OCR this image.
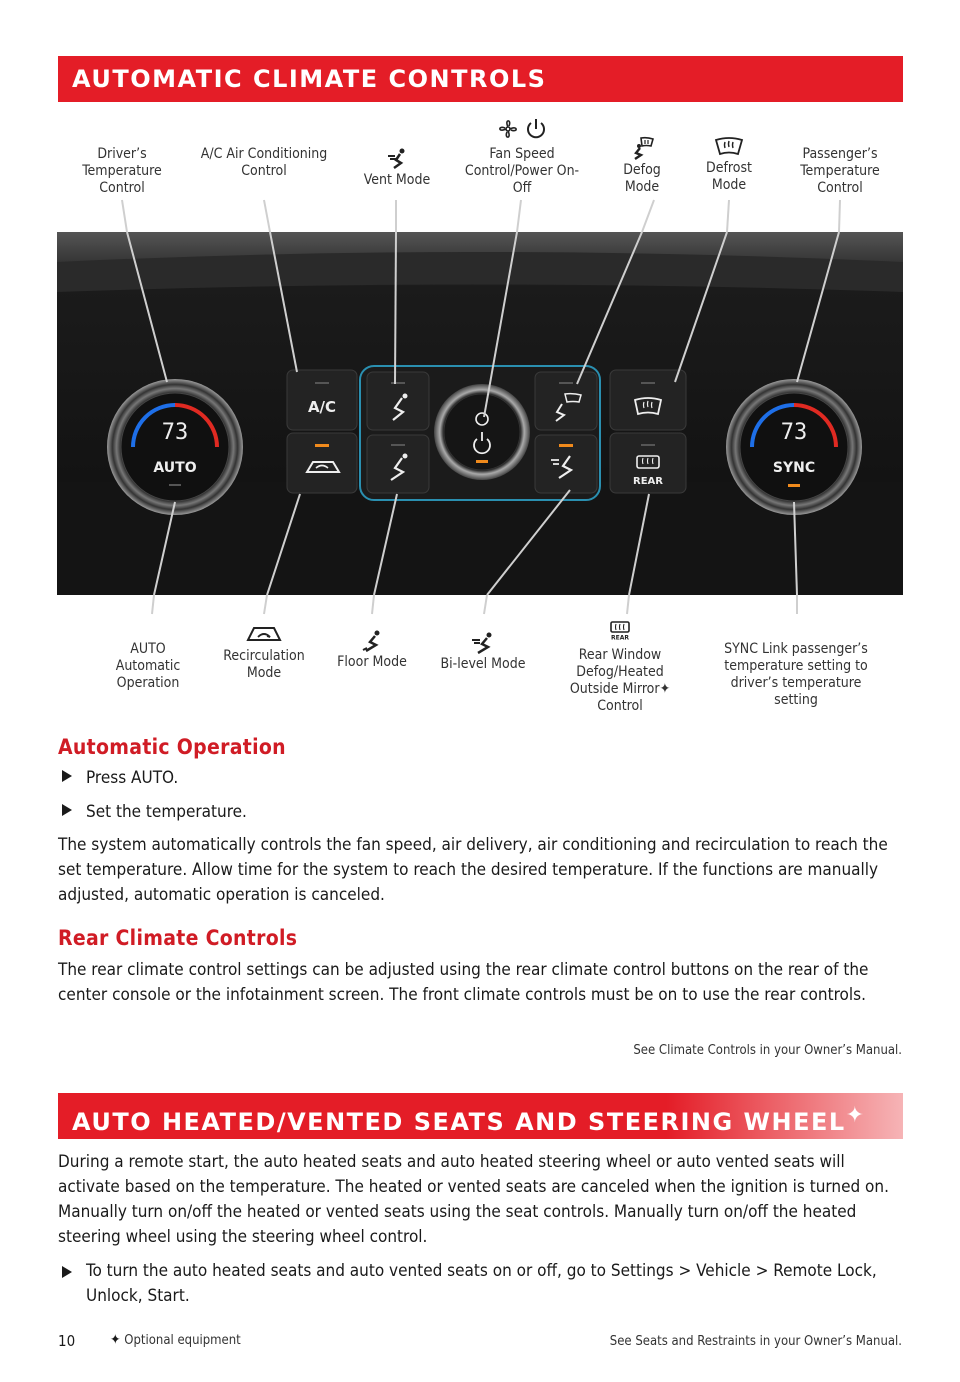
AUTOMATIC CLIMATE CONTROLS
Driver’s Temperature Control
A/C Air Conditioning Control
Vent Mode

Fan Speed Control/Power On-Off
Defog Mode
Defrost Mode
Passenger’s Temperature Control
73
AUTO
73
SYNC
A/C
REAR
AUTO Automatic Operation
Recirculation Mode
Floor Mode	Bi-level Mode
REAR
Rear Window Defog/Heated Outside Mirror✦ Control
SYNC Link passenger’s temperature setting to driver’s temperature setting
Automatic Operation
Press AUTO.
Set the temperature.
The system automatically controls the fan speed, air delivery, air conditioning and recirculation to reach the set temperature. Allow time for the system to reach the desired temperature. If the functions are manually adjusted, automatic operation is canceled.
Rear Climate Controls
The rear climate control settings can be adjusted using the rear climate control buttons on the rear of the center console or the infotainment screen. The front climate controls must be on to use the rear controls.
See Climate Controls in your Owner’s Manual.
AUTO HEATED/VENTED SEATS AND STEERING WHEEL✦
During a remote start, the auto heated seats and auto heated steering wheel or auto vented seats will activate based on the temperature. The heated or vented seats are canceled when the ignition is turned on. Manually turn on/off the heated or vented seats using the seat controls. Manually turn on/off the heated steering wheel using the steering wheel control.
To turn the auto heated seats and auto vented seats on or off, go to Settings > Vehicle > Remote Lock, Unlock, Start.
10 ✦ Optional equipment	See Seats and Restraints in your Owner’s Manual.
